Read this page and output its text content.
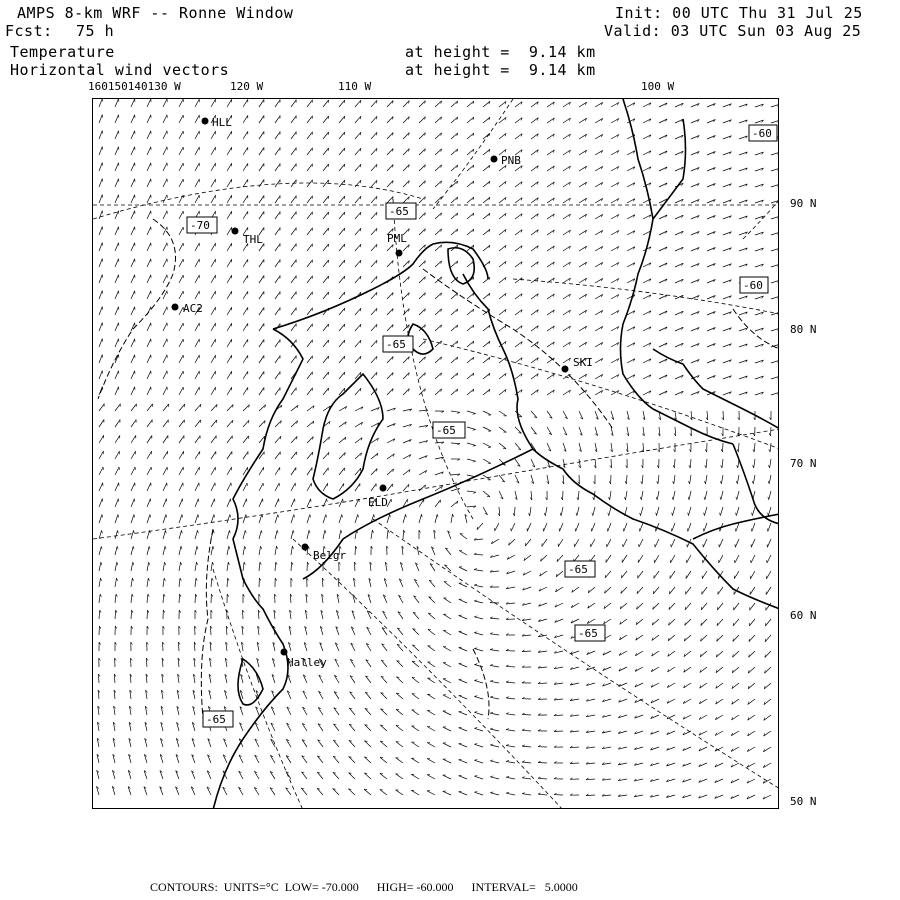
AMPS 8-km WRF -- Ronne Window
Fcst: 75 h
Init: 00 UTC Thu 31 Jul 25
Valid: 03 UTC Sun 03 Aug 25
Temperature
Horizontal wind vectors
at height =  9.14 km
at height =  9.14 km
160150140130 W	120 W	110 W	100 W
90 N
80 N
70 N
60 N
50 N
HLL
THL
AC2
PNB
PML
SKI
ELD
Belgr
Halley
-60
-70
-65
-60
-65
-65
-65
-65
-65
CONTOURS:  UNITS=°C  LOW= -70.000      HIGH= -60.000      INTERVAL=   5.0000
